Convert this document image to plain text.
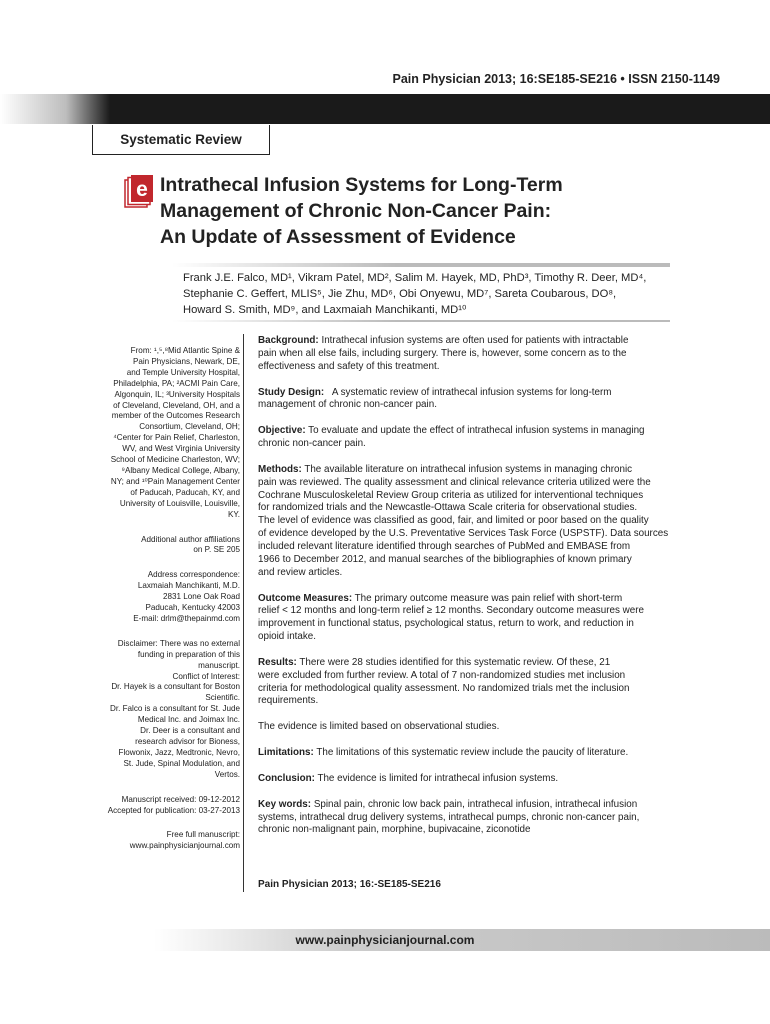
Pain Physician 2013; 16:SE185-SE216 • ISSN 2150-1149
Systematic Review
e Intrathecal Infusion Systems for Long-Term
Management of Chronic Non-Cancer Pain:
An Update of Assessment of Evidence
Frank J.E. Falco, MD¹, Vikram Patel, MD², Salim M. Hayek, MD, PhD³, Timothy R. Deer, MD⁴,
Stephanie C. Geffert, MLIS⁵, Jie Zhu, MD⁶, Obi Onyewu, MD⁷, Sareta Coubarous, DO⁸,
Howard S. Smith, MD⁹, and Laxmaiah Manchikanti, MD¹⁰
From: ¹,⁵,⁸Mid Atlantic Spine &
Pain Physicians, Newark, DE,
and Temple University Hospital,
Philadelphia, PA; ²ACMI Pain Care,
Algonquin, IL; ³University Hospitals
of Cleveland, Cleveland, OH, and a
member of the Outcomes Research
Consortium, Cleveland, OH;
⁴Center for Pain Relief, Charleston,
WV, and West Virginia University
School of Medicine Charleston, WV;
⁹Albany Medical College, Albany,
NY; and ¹⁰Pain Management Center
of Paducah, Paducah, KY, and
University of Louisville, Louisville,
KY.
Additional author affiliations
on P. SE 205
Address correspondence:
Laxmaiah Manchikanti, M.D.
2831 Lone Oak Road
Paducah, Kentucky 42003
E-mail: drlm@thepainmd.com
Disclaimer: There was no external
funding in preparation of this
manuscript.
Conflict of Interest:
Dr. Hayek is a consultant for Boston
Scientific.
Dr. Falco is a consultant for St. Jude
Medical Inc. and Joimax Inc.
Dr. Deer is a consultant and
research advisor for Bioness,
Flowonix, Jazz, Medtronic, Nevro,
St. Jude, Spinal Modulation, and
Vertos.
Manuscript received: 09-12-2012
Accepted for publication: 03-27-2013
Free full manuscript:
www.painphysicianjournal.com

Background: Intrathecal infusion systems are often used for patients with intractable
pain when all else fails, including surgery. There is, however, some concern as to the
effectiveness and safety of this treatment.

Study Design: A systematic review of intrathecal infusion systems for long-term
management of chronic non-cancer pain.

Objective: To evaluate and update the effect of intrathecal infusion systems in managing
chronic non-cancer pain.

Methods: The available literature on intrathecal infusion systems in managing chronic
pain was reviewed. The quality assessment and clinical relevance criteria utilized were the
Cochrane Musculoskeletal Review Group criteria as utilized for interventional techniques
for randomized trials and the Newcastle-Ottawa Scale criteria for observational studies.
The level of evidence was classified as good, fair, and limited or poor based on the quality
of evidence developed by the U.S. Preventative Services Task Force (USPSTF). Data sources
included relevant literature identified through searches of PubMed and EMBASE from
1966 to December 2012, and manual searches of the bibliographies of known primary
and review articles.

Outcome Measures: The primary outcome measure was pain relief with short-term
relief < 12 months and long-term relief ≥ 12 months. Secondary outcome measures were
improvement in functional status, psychological status, return to work, and reduction in
opioid intake.

Results: There were 28 studies identified for this systematic review. Of these, 21
were excluded from further review. A total of 7 non-randomized studies met inclusion
criteria for methodological quality assessment. No randomized trials met the inclusion
requirements.

The evidence is limited based on observational studies.

Limitations: The limitations of this systematic review include the paucity of literature.

Conclusion: The evidence is limited for intrathecal infusion systems.

Key words: Spinal pain, chronic low back pain, intrathecal infusion, intrathecal infusion
systems, intrathecal drug delivery systems, intrathecal pumps, chronic non-cancer pain,
chronic non-malignant pain, morphine, bupivacaine, ziconotide

Pain Physician 2013; 16:-SE185-SE216
www.painphysicianjournal.com
